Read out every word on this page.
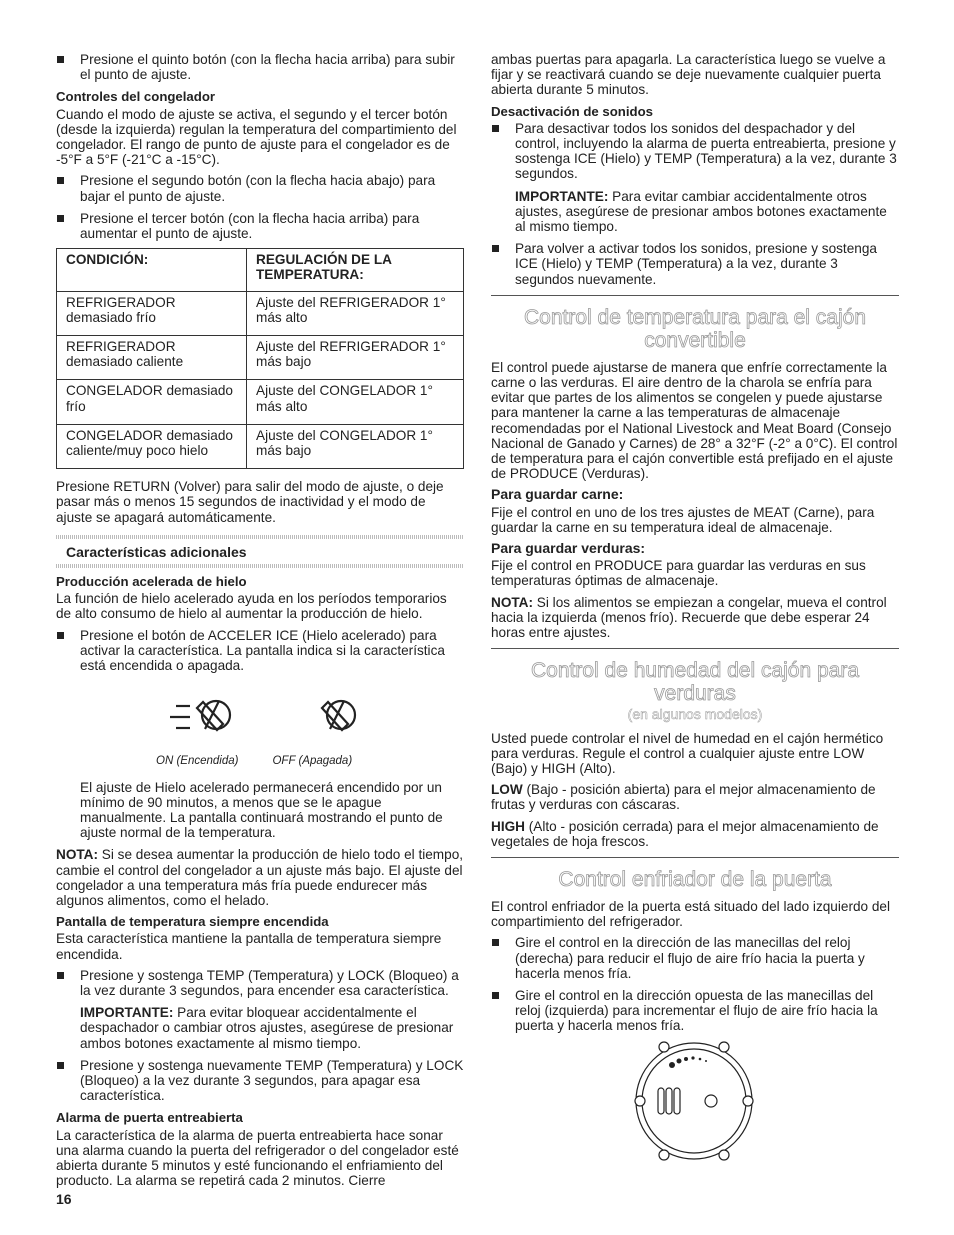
Presione el quinto botón (con la flecha hacia arriba) para subir el punto de ajuste.
Controles del congelador

Cuando el modo de ajuste se activa, el segundo y el tercer botón (desde la izquierda) regulan la temperatura del compartimiento del congelador. El rango de punto de ajuste para el congelador es de -5°F a 5°F (-21°C a -15°C).

Presione el segundo botón (con la flecha hacia abajo) para bajar el punto de ajuste.
Presione el tercer botón (con la flecha hacia arriba) para aumentar el punto de ajuste.
CONDICIÓN:	REGULACIÓN DE LA TEMPERATURA:
REFRIGERADOR demasiado frío	Ajuste del REFRIGERADOR 1° más alto
REFRIGERADOR demasiado caliente	Ajuste del REFRIGERADOR 1° más bajo
CONGELADOR demasiado frío	Ajuste del CONGELADOR 1° más alto
CONGELADOR demasiado caliente/muy poco hielo	Ajuste del CONGELADOR 1° más bajo

Presione RETURN (Volver) para salir del modo de ajuste, o deje pasar más o menos 15 segundos de inactividad y el modo de ajuste se apagará automáticamente.

Características adicionales
Producción acelerada de hielo

La función de hielo acelerado ayuda en los períodos temporarios de alto consumo de hielo al aumentar la producción de hielo.

Presione el botón de ACCELER ICE (Hielo acelerado) para activar la característica. La pantalla indica si la característica está encendida o apagada.
ON (Encendida)	OFF (Apagada)

El ajuste de Hielo acelerado permanecerá encendido por un mínimo de 90 minutos, a menos que se le apague manualmente. La pantalla continuará mostrando el punto de ajuste normal de la temperatura.

NOTA: Si se desea aumentar la producción de hielo todo el tiempo, cambie el control del congelador a un ajuste más bajo. El ajuste del congelador a una temperatura más fría puede endurecer más algunos alimentos, como el helado.

Pantalla de temperatura siempre encendida

Esta característica mantiene la pantalla de temperatura siempre encendida.

Presione y sostenga TEMP (Temperatura) y LOCK (Bloqueo) a la vez durante 3 segundos, para encender esa característica.

IMPORTANTE: Para evitar bloquear accidentalmente el despachador o cambiar otros ajustes, asegúrese de presionar ambos botones exactamente al mismo tiempo.

Presione y sostenga nuevamente TEMP (Temperatura) y LOCK (Bloqueo) a la vez durante 3 segundos, para apagar esa característica.
Alarma de puerta entreabierta

La característica de la alarma de puerta entreabierta hace sonar una alarma cuando la puerta del refrigerador o del congelador esté abierta durante 5 minutos y esté funcionando el enfriamiento del producto. La alarma se repetirá cada 2 minutos. Cierre

ambas puertas para apagarla. La característica luego se vuelve a fijar y se reactivará cuando se deje nuevamente cualquier puerta abierta durante 5 minutos.

Desactivación de sonidos
Para desactivar todos los sonidos del despachador y del control, incluyendo la alarma de puerta entreabierta, presione y sostenga ICE (Hielo) y TEMP (Temperatura) a la vez, durante 3 segundos.

IMPORTANTE: Para evitar cambiar accidentalmente otros ajustes, asegúrese de presionar ambos botones exactamente al mismo tiempo.

Para volver a activar todos los sonidos, presione y sostenga ICE (Hielo) y TEMP (Temperatura) a la vez, durante 3 segundos nuevamente.
Control de temperatura para el cajón convertible

El control puede ajustarse de manera que enfríe correctamente la carne o las verduras. El aire dentro de la charola se enfría para evitar que partes de los alimentos se congelen y puede ajustarse para mantener la carne a las temperaturas de almacenaje recomendadas por el National Livestock and Meat Board (Consejo Nacional de Ganado y Carnes) de 28° a 32°F (-2° a 0°C). El control de temperatura para el cajón convertible está prefijado en el ajuste de PRODUCE (Verduras).

Para guardar carne:

Fije el control en uno de los tres ajustes de MEAT (Carne), para guardar la carne en su temperatura ideal de almacenaje.

Para guardar verduras:

Fije el control en PRODUCE para guardar las verduras en sus temperaturas óptimas de almacenaje.

NOTA: Si los alimentos se empiezan a congelar, mueva el control hacia la izquierda (menos frío). Recuerde que debe esperar 24 horas entre ajustes.

Control de humedad del cajón para verduras
(en algunos modelos)

Usted puede controlar el nivel de humedad en el cajón hermético para verduras. Regule el control a cualquier ajuste entre LOW (Bajo) y HIGH (Alto).

LOW (Bajo - posición abierta) para el mejor almacenamiento de frutas y verduras con cáscaras.

HIGH (Alto - posición cerrada) para el mejor almacenamiento de vegetales de hoja frescos.

Control enfriador de la puerta

El control enfriador de la puerta está situado del lado izquierdo del compartimiento del refrigerador.

Gire el control en la dirección de las manecillas del reloj (derecha) para reducir el flujo de aire frío hacia la puerta y hacerla menos fría.
Gire el control en la dirección opuesta de las manecillas del reloj (izquierda) para incrementar el flujo de aire frío hacia la puerta y hacerla menos fría.
16
